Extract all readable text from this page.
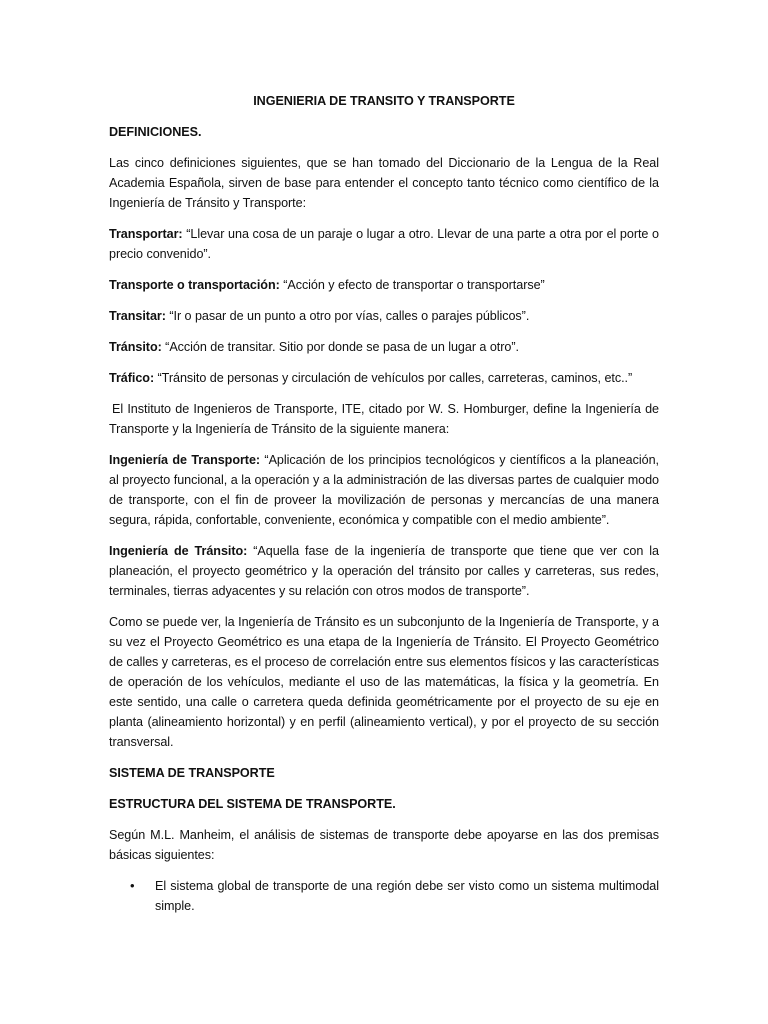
INGENIERIA DE TRANSITO Y TRANSPORTE

DEFINICIONES.

Las cinco definiciones siguientes, que se han tomado del Diccionario de la Lengua de la Real Academia Española, sirven de base para entender el concepto tanto técnico como científico de la Ingeniería de Tránsito y Transporte:

Transportar: “Llevar una cosa de un paraje o lugar a otro. Llevar de una parte a otra por el porte o precio convenido”.

Transporte o transportación: “Acción y efecto de transportar o transportarse”

Transitar: “Ir o pasar de un punto a otro por vías, calles o parajes públicos”.

Tránsito: “Acción de transitar. Sitio por donde se pasa de un lugar a otro”.

Tráfico: “Tránsito de personas y circulación de vehículos por calles, carreteras, caminos, etc..”

El Instituto de Ingenieros de Transporte, ITE, citado por W. S. Homburger, define la Ingeniería de Transporte y la Ingeniería de Tránsito de la siguiente manera:

Ingeniería de Transporte: “Aplicación de los principios tecnológicos y científicos a la planeación, al proyecto funcional, a la operación y a la administración de las diversas partes de cualquier modo de transporte, con el fin de proveer la movilización de personas y mercancías de una manera segura, rápida, confortable, conveniente, económica y compatible con el medio ambiente”.

Ingeniería de Tránsito: “Aquella fase de la ingeniería de transporte que tiene que ver con la planeación, el proyecto geométrico y la operación del tránsito por calles y carreteras, sus redes, terminales, tierras adyacentes y su relación con otros modos de transporte”.

Como se puede ver, la Ingeniería de Tránsito es un subconjunto de la Ingeniería de Transporte, y a su vez el Proyecto Geométrico es una etapa de la Ingeniería de Tránsito. El Proyecto Geométrico de calles y carreteras, es el proceso de correlación entre sus elementos físicos y las características de operación de los vehículos, mediante el uso de las matemáticas, la física y la geometría. En este sentido, una calle o carretera queda definida geométricamente por el proyecto de su eje en planta (alineamiento horizontal) y en perfil (alineamiento vertical), y por el proyecto de su sección transversal.

SISTEMA DE TRANSPORTE

ESTRUCTURA DEL SISTEMA DE TRANSPORTE.

Según M.L. Manheim, el análisis de sistemas de transporte debe apoyarse en las dos premisas básicas siguientes:

• El sistema global de transporte de una región debe ser visto como un sistema multimodal simple.
